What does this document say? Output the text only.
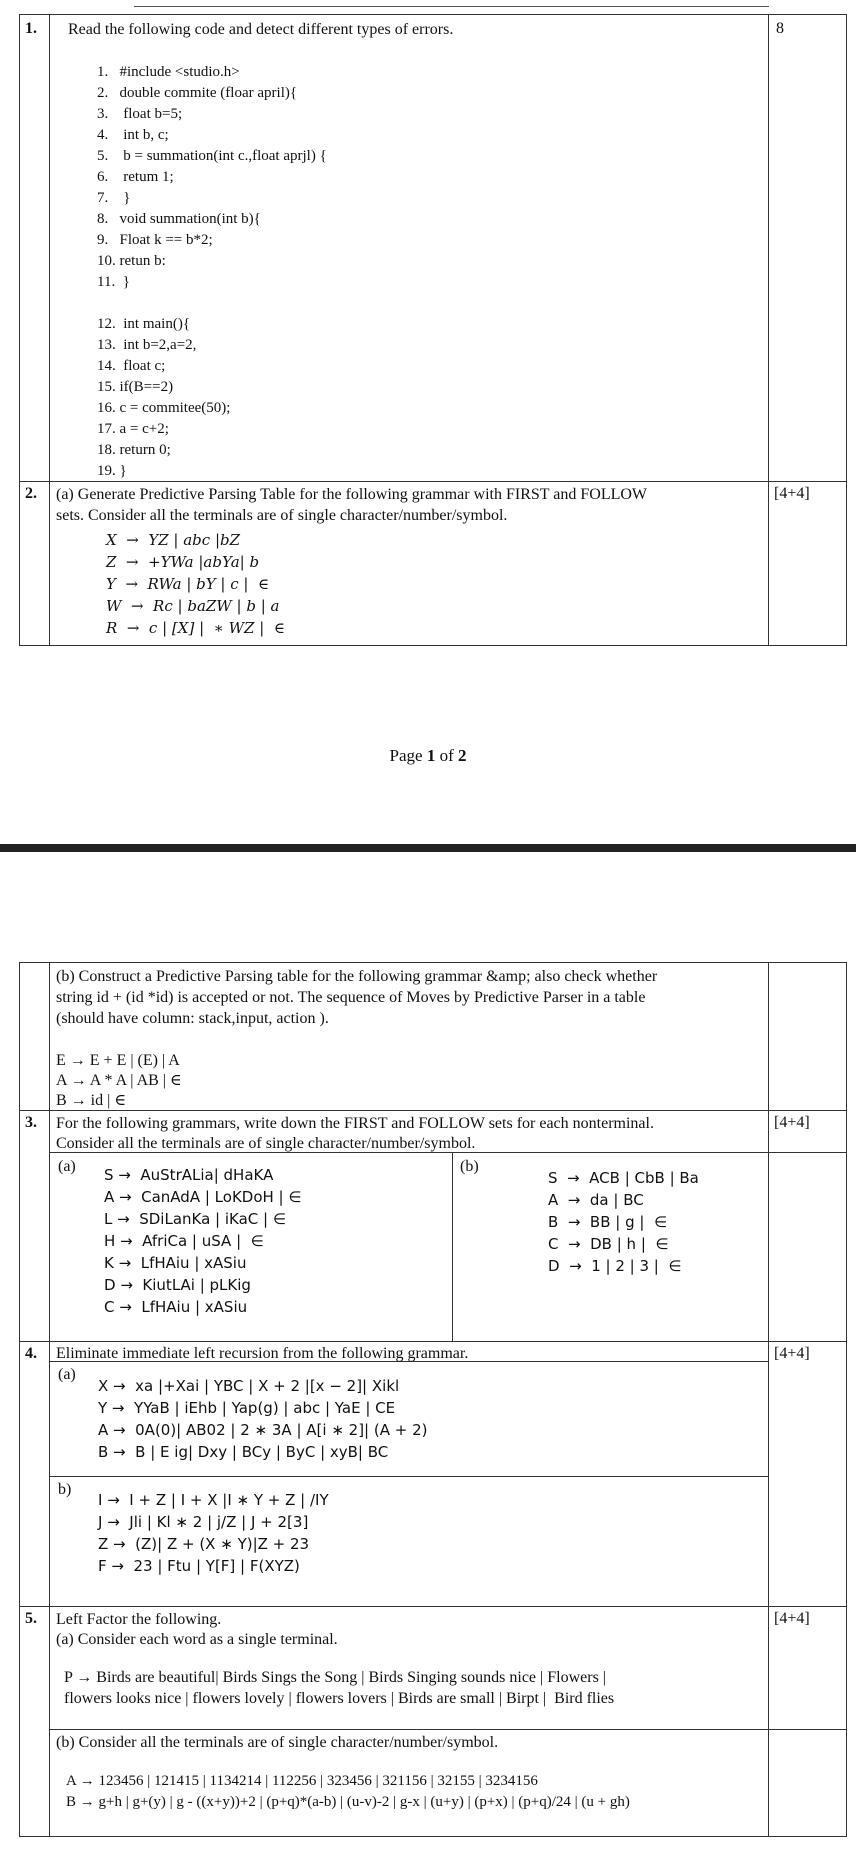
1. Read the following code and detect different types of errors.	8
1.   #include <studio.h>
2.   double commite (floar april){
3.    float b=5;
4.    int b, c;
5.    b = summation(int c.,float aprjl) {
6.    retum 1;
7.    }
8.   void summation(int b){
9.   Float k == b*2;
10. retun b:
11.  }
12.  int main(){
13.  int b=2,a=2,
14.  float c;
15. if(B==2)
16. c = commitee(50);
17. a = c+2;
18. return 0;
19. }
2. (a) Generate Predictive Parsing Table for the following grammar with FIRST and FOLLOW
sets. Consider all the terminals are of single character/number/symbol.
[4+4]
X  →  YZ | abc |bZ
Z  →  +YWa |abYa| b
Y  →  RWa | bY | c |  ∈
W  →  Rc | baZW | b | a
R  →  c | [X] |  ∗ WZ |  ∈
Page 1 of 2
(b) Construct a Predictive Parsing table for the following grammar &amp; also check whether
string id + (id *id) is accepted or not. The sequence of Moves by Predictive Parser in a table
(should have column: stack,input, action ).
E → E + E | (E) | A
A → A * A | AB | ∈
B → id | ∈
3. For the following grammars, write down the FIRST and FOLLOW sets for each nonterminal.
Consider all the terminals are of single character/number/symbol.
[4+4]
(a) S →  AuStrALia| dHaKA
A →  CanAdA | LoKDoH | ∈
L →  SDiLanKa | iKaC | ∈
H →  AfriCa | uSA |  ∈
K →  LfHAiu | xASiu
D →  KiutLAi | pLKig
C →  LfHAiu | xASiu
(b)
S  →  ACB | CbB | Ba
A  →  da | BC
B  →  BB | g |  ∈
C  →  DB | h |  ∈
D  →  1 | 2 | 3 |  ∈
4. Eliminate immediate left recursion from the following grammar.	[4+4]
(a)
X →  xa |+Xai | YBC | X + 2 |[x − 2]| Xikl
Y →  YYaB | iEhb | Yap(g) | abc | YaE | CE
A →  0A(0)| AB02 | 2 ∗ 3A | A[i ∗ 2]| (A + 2)
B →  B | E ig| Dxy | BCy | ByC | xyB| BC
b)
I →  I + Z | I + X |I ∗ Y + Z | /IY
J →  Jli | Kl ∗ 2 | j/Z | J + 2[3]
Z →  (Z)| Z + (X ∗ Y)|Z + 23
F →  23 | Ftu | Y[F] | F(XYZ)
5. Left Factor the following.	[4+4]
(a) Consider each word as a single terminal.
P → Birds are beautiful| Birds Sings the Song | Birds Singing sounds nice | Flowers |
flowers looks nice | flowers lovely | flowers lovers | Birds are small | Birpt |  Bird flies
(b) Consider all the terminals are of single character/number/symbol.
A → 123456 | 121415 | 1134214 | 112256 | 323456 | 321156 | 32155 | 3234156
B → g+h | g+(y) | g - ((x+y))+2 | (p+q)*(a-b) | (u-v)-2 | g-x | (u+y) | (p+x) | (p+q)/24 | (u + gh)
